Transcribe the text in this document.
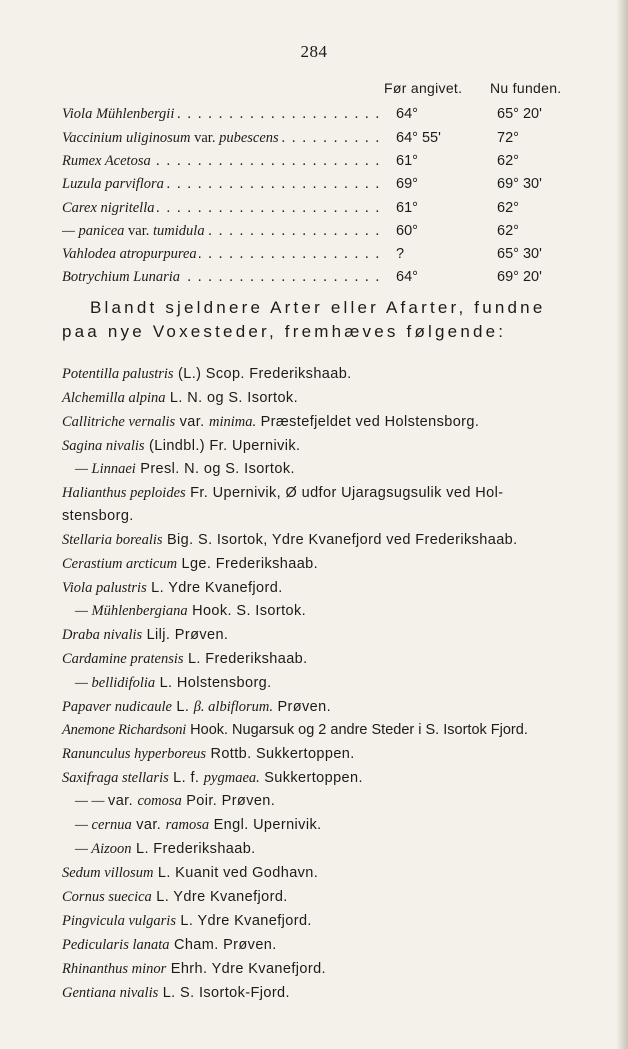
284
Før angivet. Nu funden.
Viola Mühlenbergii . . .	64°	65° 20'
Vaccinium uliginosum var. pubescens . . .	64° 55'	72°
Rumex Acetosa . . .	61°	62°
Luzula parviflora . . .	69°	69° 30'
Carex nigritella . . .	61°	62°
— panicea var. tumidula . . .	60°	62°
Vahlodea atropurpurea . . .	?	65° 30'
Botrychium Lunaria . . .	64°	69° 20'
Blandt sjeldnere Arter eller Afarter, fundne
paa nye Voxesteder, fremhæves følgende:
Potentilla palustris (L.) Scop. Frederikshaab.
Alchemilla alpina L. N. og S. Isortok.
Callitriche vernalis var. minima. Præstefjeldet ved Holstensborg.
Sagina nivalis (Lindbl.) Fr. Upernivik.
— Linnaei Presl. N. og S. Isortok.
Halianthus peploides Fr. Upernivik, Ø udfor Ujaragsugsulik ved Hol-
stensborg.
Stellaria borealis Big. S. Isortok, Ydre Kvanefjord ved Frederikshaab.
Cerastium arcticum Lge. Frederikshaab.
Viola palustris L. Ydre Kvanefjord.
— Mühlenbergiana Hook. S. Isortok.
Draba nivalis Lilj. Prøven.
Cardamine pratensis L. Frederikshaab.
— bellidifolia L. Holstensborg.
Papaver nudicaule L. β. albiflorum. Prøven.
Anemone Richardsoni Hook. Nugarsuk og 2 andre Steder i S. Isortok Fjord.
Ranunculus hyperboreus Rottb. Sukkertoppen.
Saxifraga stellaris L. f. pygmaea. Sukkertoppen.
— — var. comosa Poir. Prøven.
— cernua var. ramosa Engl. Upernivik.
— Aizoon L. Frederikshaab.
Sedum villosum L. Kuanit ved Godhavn.
Cornus suecica L. Ydre Kvanefjord.
Pingvicula vulgaris L. Ydre Kvanefjord.
Pedicularis lanata Cham. Prøven.
Rhinanthus minor Ehrh. Ydre Kvanefjord.
Gentiana nivalis L. S. Isortok-Fjord.
